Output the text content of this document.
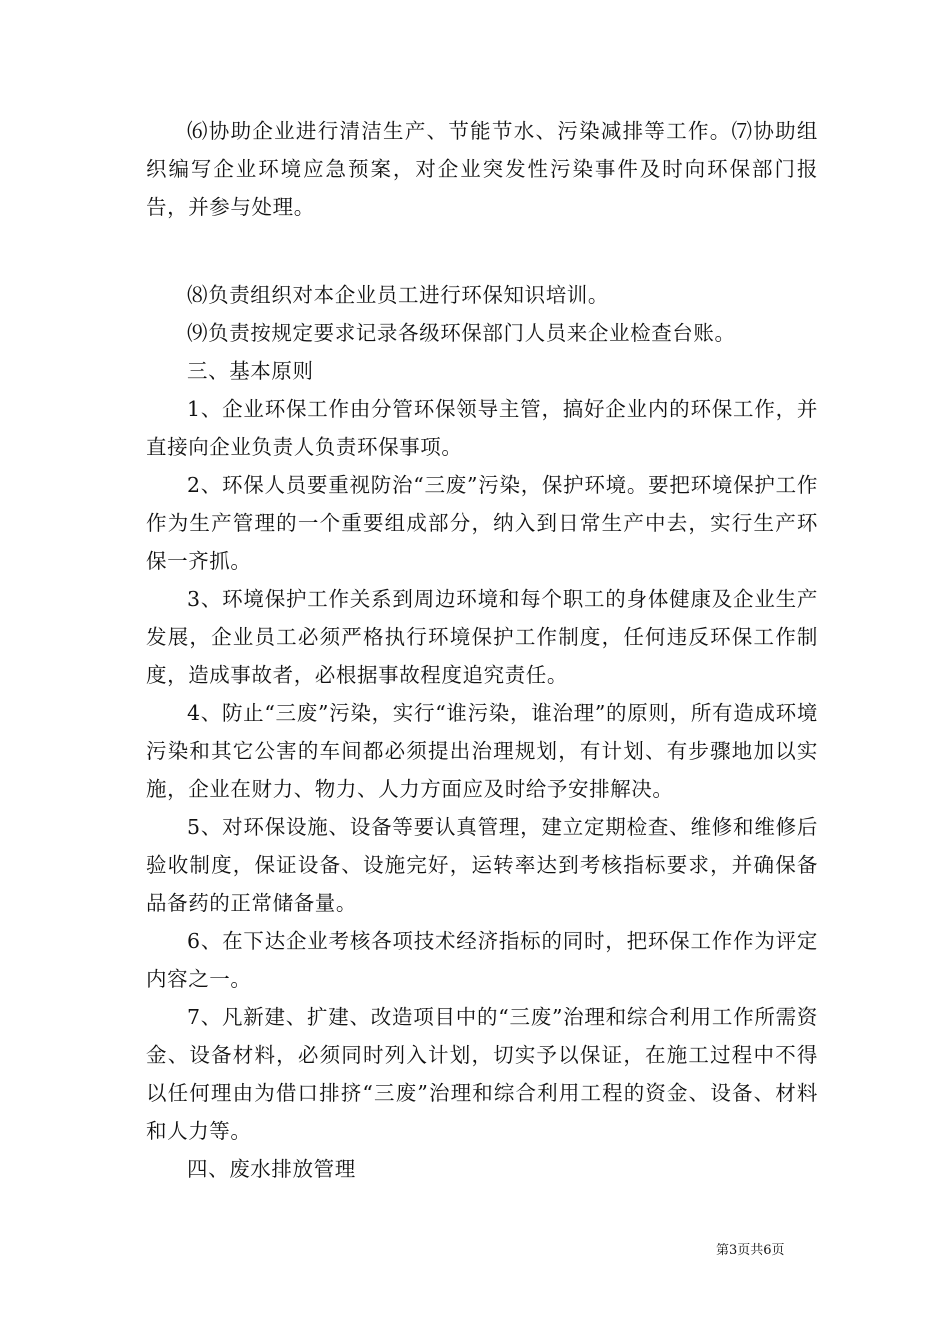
⑹协助企业进行清洁生产、节能节水、污染减排等工作。⑺协助组织编写企业环境应急预案，对企业突发性污染事件及时向环保部门报告，并参与处理。

⑻负责组织对本企业员工进行环保知识培训。

⑼负责按规定要求记录各级环保部门人员来企业检查台账。

三、基本原则

1、企业环保工作由分管环保领导主管，搞好企业内的环保工作，并直接向企业负责人负责环保事项。

2、环保人员要重视防治“三废”污染，保护环境。要把环境保护工作作为生产管理的一个重要组成部分，纳入到日常生产中去，实行生产环保一齐抓。

3、环境保护工作关系到周边环境和每个职工的身体健康及企业生产发展，企业员工必须严格执行环境保护工作制度，任何违反环保工作制度，造成事故者，必根据事故程度追究责任。

4、防止“三废”污染，实行“谁污染，谁治理”的原则，所有造成环境污染和其它公害的车间都必须提出治理规划，有计划、有步骤地加以实施，企业在财力、物力、人力方面应及时给予安排解决。

5、对环保设施、设备等要认真管理，建立定期检查、维修和维修后验收制度，保证设备、设施完好，运转率达到考核指标要求，并确保备品备药的正常储备量。

6、在下达企业考核各项技术经济指标的同时，把环保工作作为评定内容之一。

7、凡新建、扩建、改造项目中的“三废”治理和综合利用工作所需资金、设备材料，必须同时列入计划，切实予以保证，在施工过程中不得以任何理由为借口排挤“三废”治理和综合利用工程的资金、设备、材料和人力等。

四、废水排放管理

第3页共6页
